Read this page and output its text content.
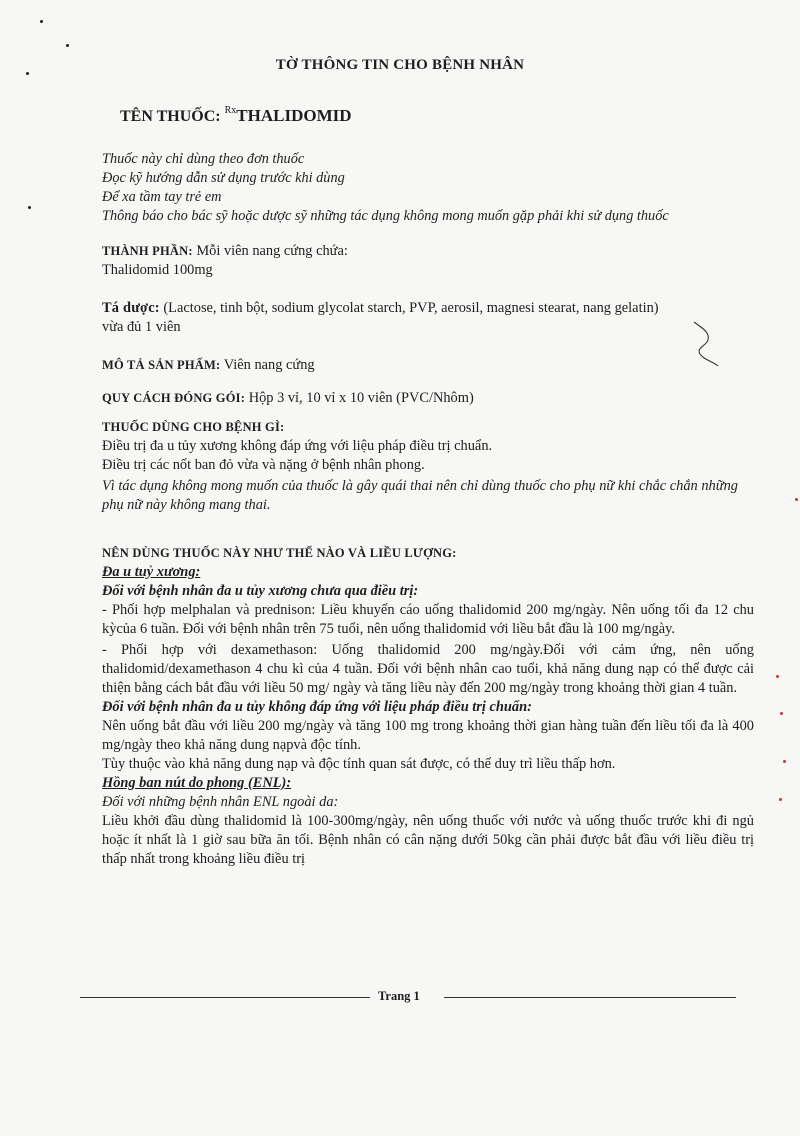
TỜ THÔNG TIN CHO BỆNH NHÂN
TÊN THUỐC: $^{Rx}$THALIDOMID
Thuốc này chỉ dùng theo đơn thuốc
Đọc kỹ hướng dẫn sử dụng trước khi dùng
Để xa tầm tay trẻ em
Thông báo cho bác sỹ hoặc dược sỹ những tác dụng không mong muốn gặp phải khi sử dụng thuốc
THÀNH PHẦN: Mỗi viên nang cứng chứa:
Thalidomid 100mg
Tá dược: (Lactose, tinh bột, sodium glycolat starch, PVP, aerosil, magnesi stearat, nang gelatin)
vừa đủ 1 viên
MÔ TẢ SẢN PHẨM: Viên nang cứng
QUY CÁCH ĐÓNG GÓI: Hộp 3 vỉ, 10 vỉ x 10 viên (PVC/Nhôm)
THUỐC DÙNG CHO BỆNH GÌ:
Điều trị đa u tủy xương không đáp ứng với liệu pháp điều trị chuẩn.
Điều trị các nốt ban đỏ vừa và nặng ở bệnh nhân phong.
Vì tác dụng không mong muốn của thuốc là gây quái thai nên chỉ dùng thuốc cho phụ nữ khi chắc chắn những phụ nữ này không mang thai.
NÊN DÙNG THUỐC NÀY NHƯ THẾ NÀO VÀ LIỀU LƯỢNG:
Đa u tuỷ xương:
Đối với bệnh nhân đa u tủy xương chưa qua điều trị:
- Phối hợp melphalan và prednison: Liều khuyến cáo uống thalidomid 200 mg/ngày. Nên uống tối đa 12 chu kỳcủa 6 tuần. Đối với bệnh nhân trên 75 tuổi, nên uống thalidomid với liều bắt đầu là 100 mg/ngày.
- Phối hợp với dexamethason: Uống thalidomid 200 mg/ngày.Đối với cảm ứng, nên uống thalidomid/dexamethason 4 chu kì của 4 tuần. Đối với bệnh nhân cao tuổi, khả năng dung nạp có thể được cải thiện bằng cách bắt đầu với liều 50 mg/ ngày và tăng liều này đến 200 mg/ngày trong khoảng thời gian 4 tuần.
Đối với bệnh nhân đa u tủy không đáp ứng với liệu pháp điều trị chuẩn:
Nên uống bắt đầu với liều 200 mg/ngày và tăng 100 mg trong khoảng thời gian hàng tuần đến liều tối đa là 400 mg/ngày theo khả năng dung nạpvà độc tính.
Tùy thuộc vào khả năng dung nạp và độc tính quan sát được, có thể duy trì liều thấp hơn.
Hồng ban nút do phong (ENL):
Đối với những bệnh nhân ENL ngoài da:
Liều khởi đầu dùng thalidomid là 100-300mg/ngày, nên uống thuốc với nước và uống thuốc trước khi đi ngủ hoặc ít nhất là 1 giờ sau bữa ăn tối. Bệnh nhân có cân nặng dưới 50kg cần phải được bắt đầu với liều điều trị thấp nhất trong khoảng liều điều trị
Trang 1
